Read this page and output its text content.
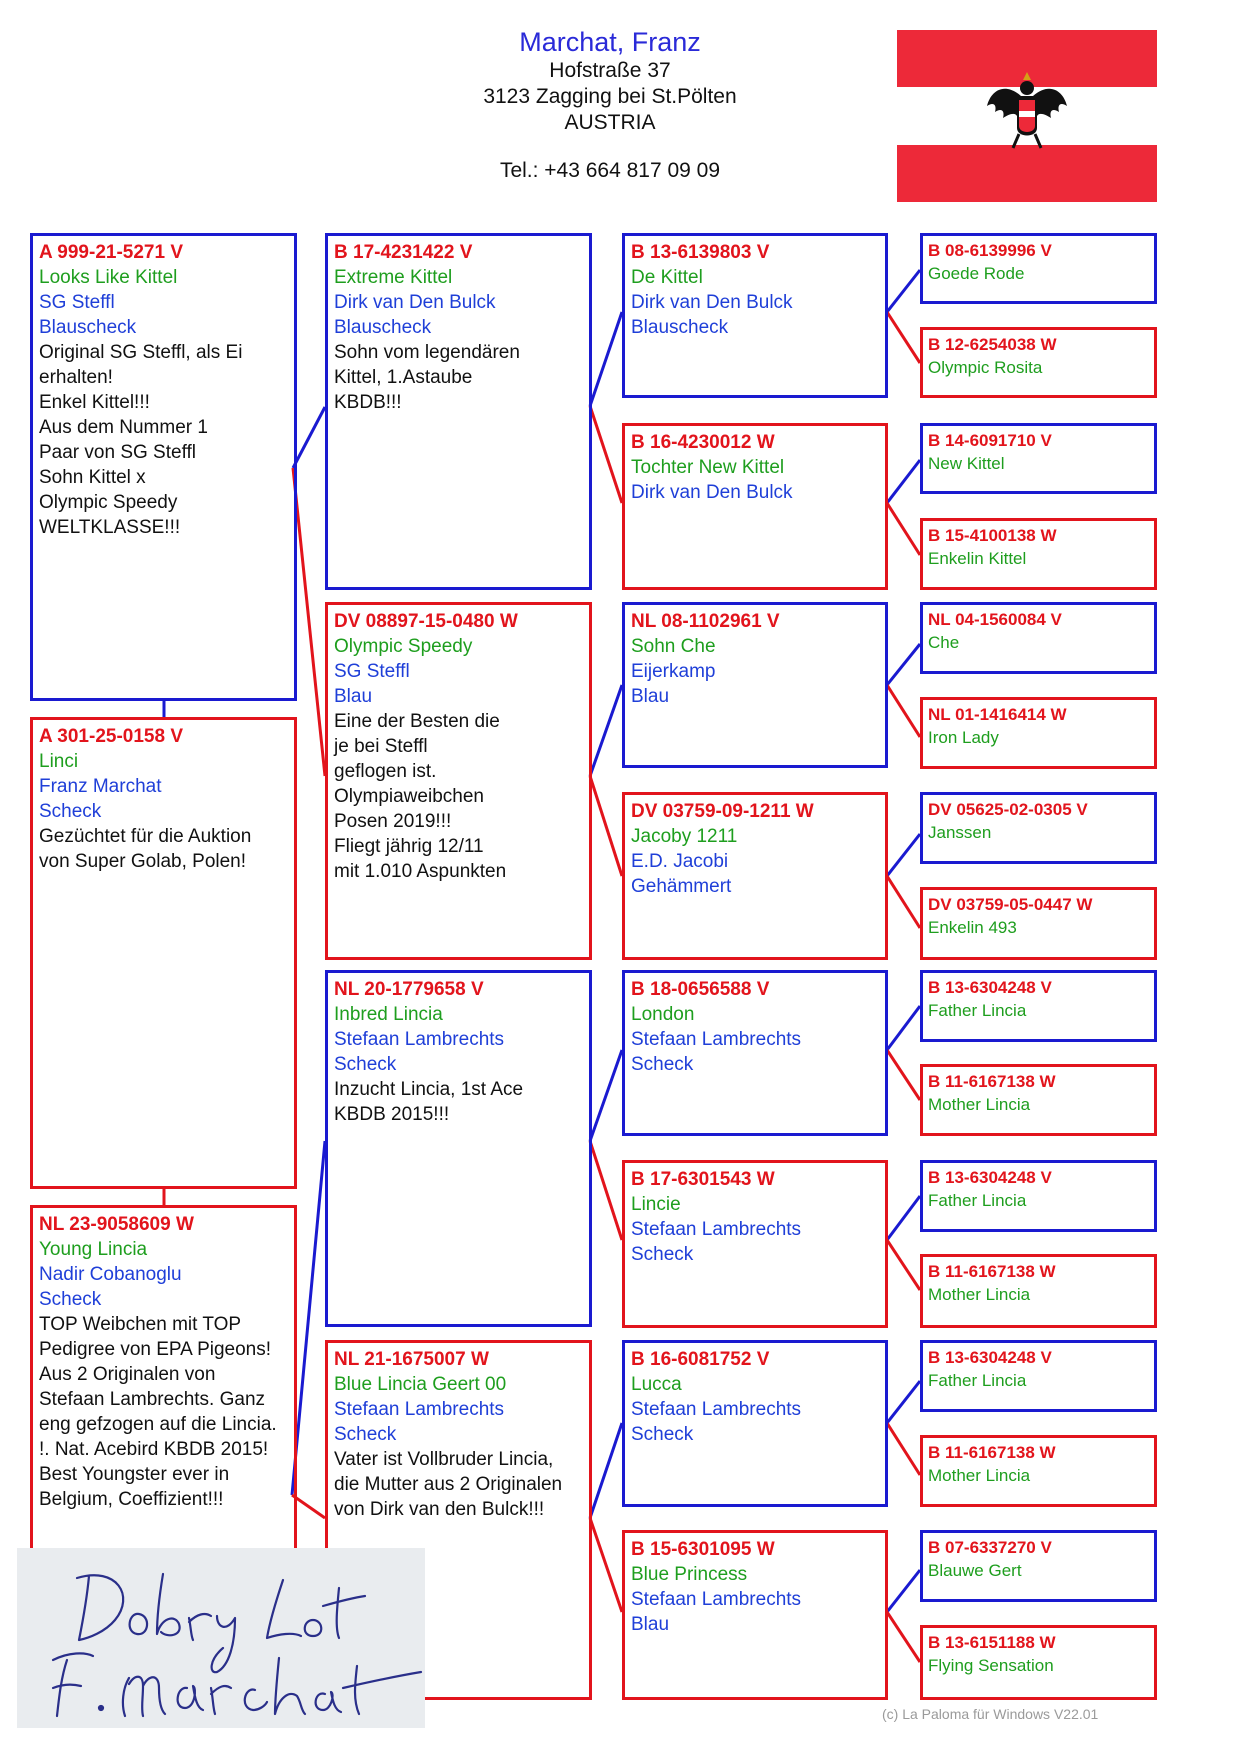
Marchat, Franz
Hofstraße 37
3123 Zagging bei St.Pölten
AUSTRIA
Tel.: +43 664 817 09 09
A 999-21-5271 V
Looks Like Kittel
SG Steffl
Blauscheck
Original SG Steffl, als Ei
erhalten!
Enkel Kittel!!!
Aus dem Nummer 1
Paar von SG Steffl
Sohn Kittel x
Olympic Speedy
WELTKLASSE!!!
A 301-25-0158 V
Linci
Franz Marchat
Scheck
Gezüchtet für die Auktion
von Super Golab, Polen!
NL 23-9058609 W
Young Lincia
Nadir Cobanoglu
Scheck
TOP Weibchen mit TOP
Pedigree von EPA Pigeons!
Aus 2 Originalen von
Stefaan Lambrechts. Ganz
eng gefzogen auf die Lincia.
!. Nat. Acebird KBDB 2015!
Best Youngster ever in
Belgium, Coeffizient!!!
B 17-4231422 V
Extreme Kittel
Dirk van Den Bulck
Blauscheck
Sohn vom legendären
Kittel, 1.Astaube
KBDB!!!
DV 08897-15-0480 W
Olympic Speedy
SG Steffl
Blau
Eine der Besten die
je bei Steffl
geflogen ist.
Olympiaweibchen
Posen 2019!!!
Fliegt jährig 12/11
mit 1.010 Aspunkten
NL 20-1779658 V
Inbred Lincia
Stefaan Lambrechts
Scheck
Inzucht Lincia, 1st Ace
KBDB 2015!!!
NL 21-1675007 W
Blue Lincia Geert 00
Stefaan Lambrechts
Scheck
Vater ist Vollbruder Lincia,
die Mutter aus 2 Originalen
von Dirk van den Bulck!!!
B 13-6139803 V
De Kittel
Dirk van Den Bulck
Blauscheck
B 16-4230012 W
Tochter New Kittel
Dirk van Den Bulck
NL 08-1102961 V
Sohn Che
Eijerkamp
Blau
DV 03759-09-1211 W
Jacoby 1211
E.D. Jacobi
Gehämmert
B 18-0656588 V
London
Stefaan Lambrechts
Scheck
B 17-6301543 W
Lincie
Stefaan Lambrechts
Scheck
B 16-6081752 V
Lucca
Stefaan Lambrechts
Scheck
B 15-6301095 W
Blue Princess
Stefaan Lambrechts
Blau
B 08-6139996 V
Goede Rode
B 12-6254038 W
Olympic Rosita
B 14-6091710 V
New Kittel
B 15-4100138 W
Enkelin Kittel
NL 04-1560084 V
Che
NL 01-1416414 W
Iron Lady
DV 05625-02-0305 V
Janssen
DV 03759-05-0447 W
Enkelin 493
B 13-6304248 V
Father Lincia
B 11-6167138 W
Mother Lincia
B 13-6304248 V
Father Lincia
B 11-6167138 W
Mother Lincia
B 13-6304248 V
Father Lincia
B 11-6167138 W
Mother Lincia
B 07-6337270 V
Blauwe Gert
B 13-6151188 W
Flying Sensation
(c) La Paloma für Windows V22.01
